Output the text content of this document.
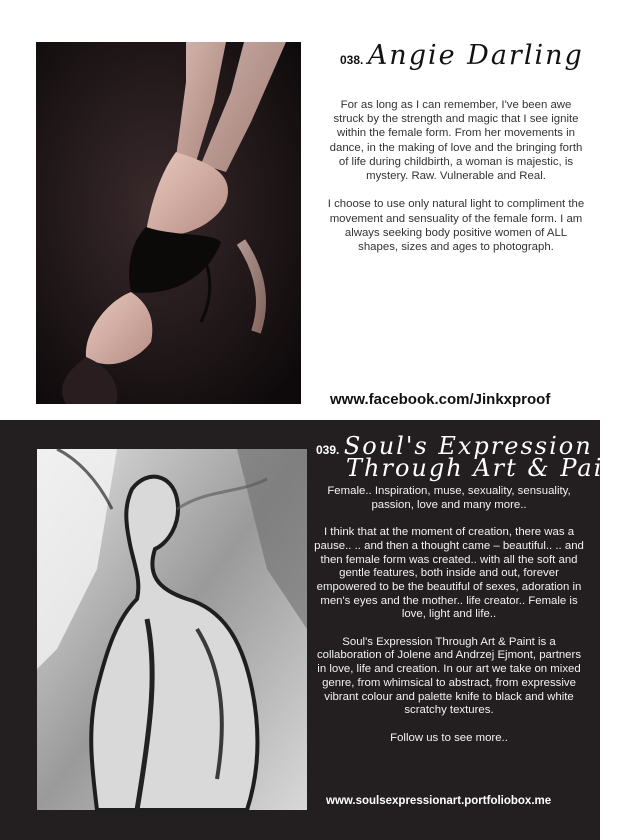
038. Angie Darling

For as long as I can remember, I've been awe struck by the strength and magic that I see ignite within the female form. From her movements in dance, in the making of love and the bringing forth of life during childbirth, a woman is majestic, is mystery. Raw. Vulnerable and Real.

I choose to use only natural light to compliment the movement and sensuality of the female form. I am always seeking body positive women of ALL shapes, sizes and ages to photograph.

www.facebook.com/Jinkxproof
039. Soul's Expression
Through Art & Paint

Female.. Inspiration, muse, sexuality, sensuality, passion, love and many more..

I think that at the moment of creation, there was a pause.. .. and then a thought came – beautiful.. .. and then female form was created.. with all the soft and gentle features, both inside and out, forever empowered to be the beautiful of sexes, adoration in men's eyes and the mother.. life creator.. Female is love, light and life..

Soul's Expression Through Art & Paint is a collaboration of Jolene and Andrzej Ejmont, partners in love, life and creation. In our art we take on mixed genre, from whimsical to abstract, from expressive vibrant colour and palette knife to black and white scratchy textures.

Follow us to see more..

www.soulsexpressionart.portfoliobox.me
